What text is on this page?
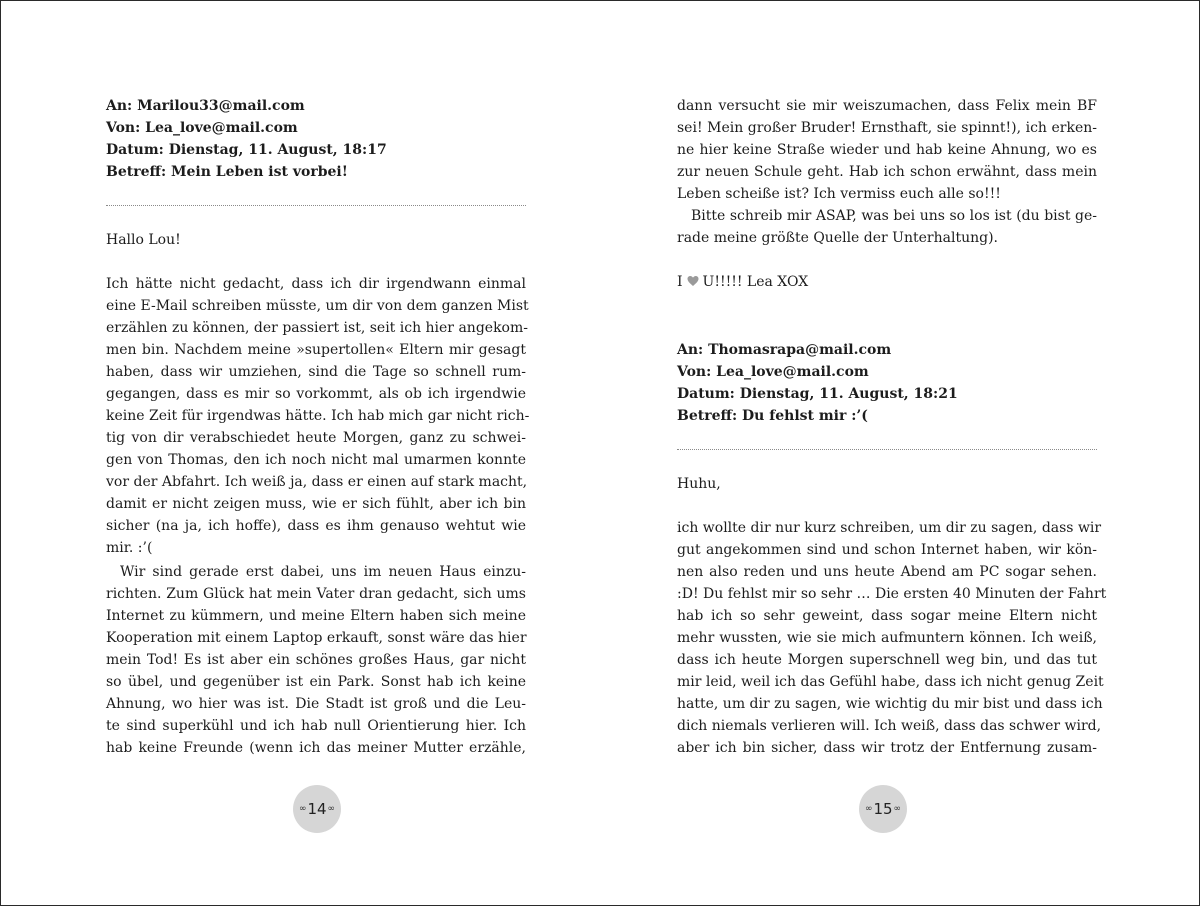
An: Marilou33@mail.com
Von: Lea_love@mail.com
Datum: Dienstag, 11. August, 18:17
Betreff: Mein Leben ist vorbei!
Hallo Lou!
Ich hätte nicht gedacht, dass ich dir irgendwann einmal
eine E-Mail schreiben müsste, um dir von dem ganzen Mist
erzählen zu können, der passiert ist, seit ich hier angekom-
men bin. Nachdem meine »supertollen« Eltern mir gesagt
haben, dass wir umziehen, sind die Tage so schnell rum-
gegangen, dass es mir so vorkommt, als ob ich irgendwie
keine Zeit für irgendwas hätte. Ich hab mich gar nicht rich-
tig von dir verabschiedet heute Morgen, ganz zu schwei-
gen von Thomas, den ich noch nicht mal umarmen konnte
vor der Abfahrt. Ich weiß ja, dass er einen auf stark macht,
damit er nicht zeigen muss, wie er sich fühlt, aber ich bin
sicher (na ja, ich hoffe), dass es ihm genauso wehtut wie
mir. :’(
Wir sind gerade erst dabei, uns im neuen Haus einzu-
richten. Zum Glück hat mein Vater dran gedacht, sich ums
Internet zu kümmern, und meine Eltern haben sich meine
Kooperation mit einem Laptop erkauft, sonst wäre das hier
mein Tod! Es ist aber ein schönes großes Haus, gar nicht
so übel, und gegenüber ist ein Park. Sonst hab ich keine
Ahnung, wo hier was ist. Die Stadt ist groß und die Leu-
te sind superkühl und ich hab null Orientierung hier. Ich
hab keine Freunde (wenn ich das meiner Mutter erzähle,
∞ 14 ∞
dann versucht sie mir weiszumachen, dass Felix mein BF
sei! Mein großer Bruder! Ernsthaft, sie spinnt!), ich erken-
ne hier keine Straße wieder und hab keine Ahnung, wo es
zur neuen Schule geht. Hab ich schon erwähnt, dass mein
Leben scheiße ist? Ich vermiss euch alle so!!!
Bitte schreib mir ASAP, was bei uns so los ist (du bist ge-
rade meine größte Quelle der Unterhaltung).
I U!!!!! Lea XOX
An: Thomasrapa@mail.com
Von: Lea_love@mail.com
Datum: Dienstag, 11. August, 18:21
Betreff: Du fehlst mir :’(
Huhu,
ich wollte dir nur kurz schreiben, um dir zu sagen, dass wir
gut angekommen sind und schon Internet haben, wir kön-
nen also reden und uns heute Abend am PC sogar sehen.
:D! Du fehlst mir so sehr … Die ersten 40 Minuten der Fahrt
hab ich so sehr geweint, dass sogar meine Eltern nicht
mehr wussten, wie sie mich aufmuntern können. Ich weiß,
dass ich heute Morgen superschnell weg bin, und das tut
mir leid, weil ich das Gefühl habe, dass ich nicht genug Zeit
hatte, um dir zu sagen, wie wichtig du mir bist und dass ich
dich niemals verlieren will. Ich weiß, dass das schwer wird,
aber ich bin sicher, dass wir trotz der Entfernung zusam-
∞ 15 ∞
